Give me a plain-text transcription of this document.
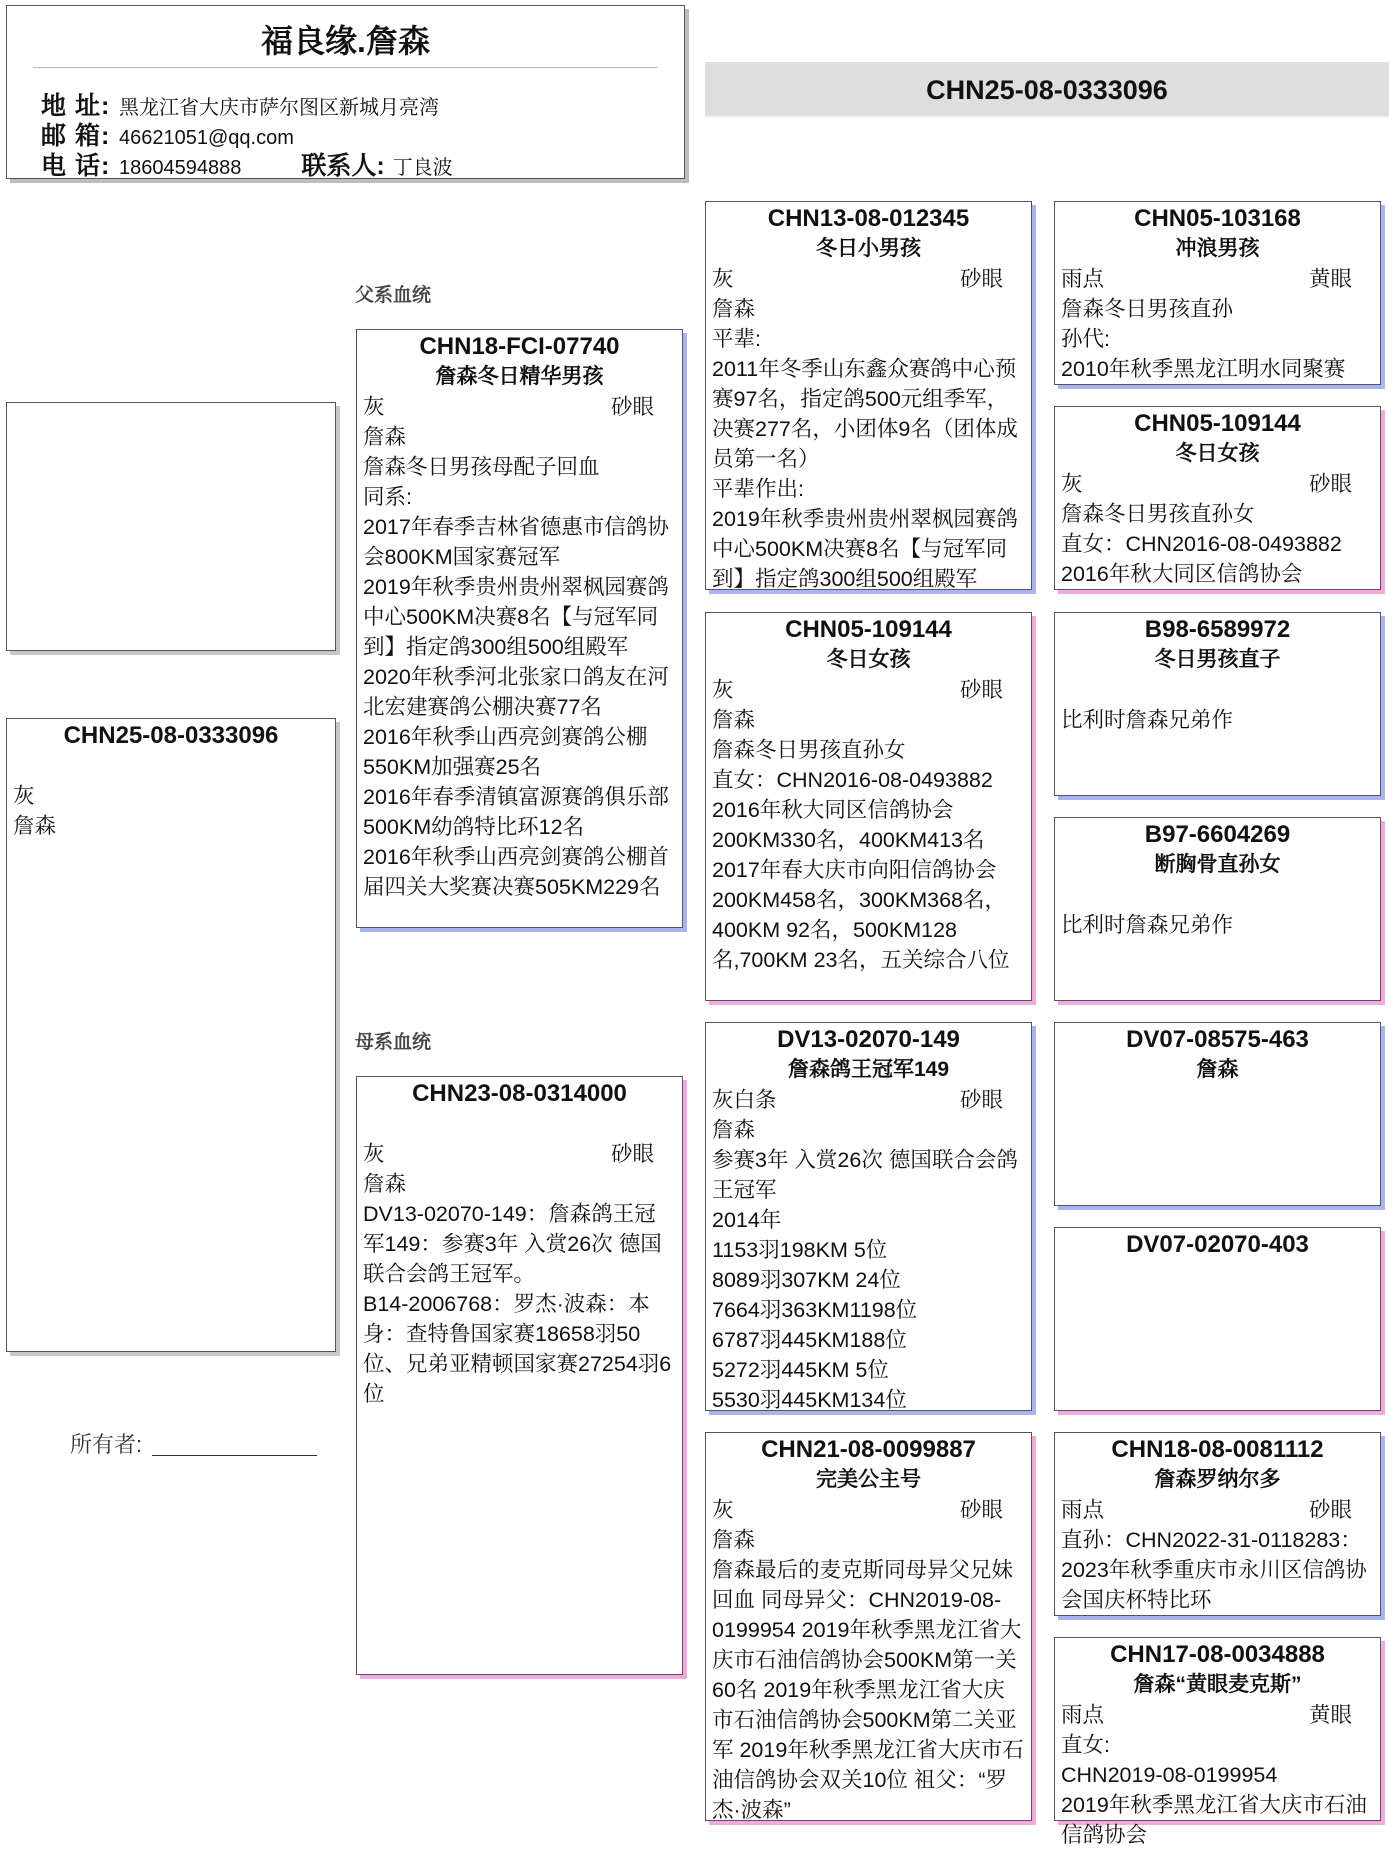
福良缘.詹森
地 址: 黑龙江省大庆市萨尔图区新城月亮湾
邮 箱: 46621051@qq.com
电 话: 18604594888 联系人: 丁良波
CHN25-08-0333096
父系血统
母系血统
CHN25-08-0333096
灰
詹森
所有者:
CHN18-FCI-07740
詹森冬日精华男孩
灰	砂眼
詹森
詹森冬日男孩母配子回血
同系:
2017年春季吉林省德惠市信鸽协会800KM国家赛冠军
2019年秋季贵州贵州翠枫园赛鸽中心500KM决赛8名【与冠军同到】指定鸽300组500组殿军
2020年秋季河北张家口鸽友在河北宏建赛鸽公棚决赛77名
2016年秋季山西亮剑赛鸽公棚550KM加强赛25名
2016年春季清镇富源赛鸽俱乐部500KM幼鸽特比环12名
2016年秋季山西亮剑赛鸽公棚首届四关大奖赛决赛505KM229名
CHN23-08-0314000
灰	砂眼
詹森
DV13-02070-149：詹森鸽王冠军149：参赛3年 入赏26次 德国联合会鸽王冠军。
B14-2006768：罗杰·波森：本身：查特鲁国家赛18658羽50位、兄弟亚精顿国家赛27254羽6位
CHN13-08-012345
冬日小男孩
灰	砂眼
詹森
平辈:
2011年冬季山东鑫众赛鸽中心预赛97名，指定鸽500元组季军，决赛277名，小团体9名（团体成员第一名）
平辈作出:
2019年秋季贵州贵州翠枫园赛鸽中心500KM决赛8名【与冠军同到】指定鸽300组500组殿军
CHN05-109144
冬日女孩
灰	砂眼
詹森
詹森冬日男孩直孙女
直女：CHN2016-08-0493882
2016年秋大同区信鸽协会200KM330名，400KM413名
2017年春大庆市向阳信鸽协会200KM458名，300KM368名，400KM 92名，500KM128名,700KM 23名，五关综合八位
DV13-02070-149
詹森鸽王冠军149
灰白条	砂眼
詹森
参赛3年 入赏26次 德国联合会鸽王冠军
2014年
1153羽198KM 5位
8089羽307KM 24位
7664羽363KM1198位
6787羽445KM188位
5272羽445KM 5位
5530羽445KM134位
CHN21-08-0099887
完美公主号
灰	砂眼
詹森
詹森最后的麦克斯同母异父兄妹回血 同母异父：CHN2019-08-0199954 2019年秋季黑龙江省大庆市石油信鸽协会500KM第一关60名 2019年秋季黑龙江省大庆市石油信鸽协会500KM第二关亚军 2019年秋季黑龙江省大庆市石油信鸽协会双关10位 祖父：“罗杰·波森”
CHN05-103168
冲浪男孩
雨点	黄眼
詹森冬日男孩直孙
孙代:
2010年秋季黑龙江明水同聚赛
CHN05-109144
冬日女孩
灰	砂眼
詹森冬日男孩直孙女
直女：CHN2016-08-0493882
2016年秋大同区信鸽协会
B98-6589972
冬日男孩直子
比利时詹森兄弟作
B97-6604269
断胸骨直孙女
比利时詹森兄弟作
DV07-08575-463
詹森
DV07-02070-403
CHN18-08-0081112
詹森罗纳尔多
雨点	砂眼
直孙：CHN2022-31-0118283：2023年秋季重庆市永川区信鸽协会国庆杯特比环
CHN17-08-0034888
詹森“黄眼麦克斯”
雨点	黄眼
直女:
CHN2019-08-0199954
2019年秋季黑龙江省大庆市石油信鸽协会
